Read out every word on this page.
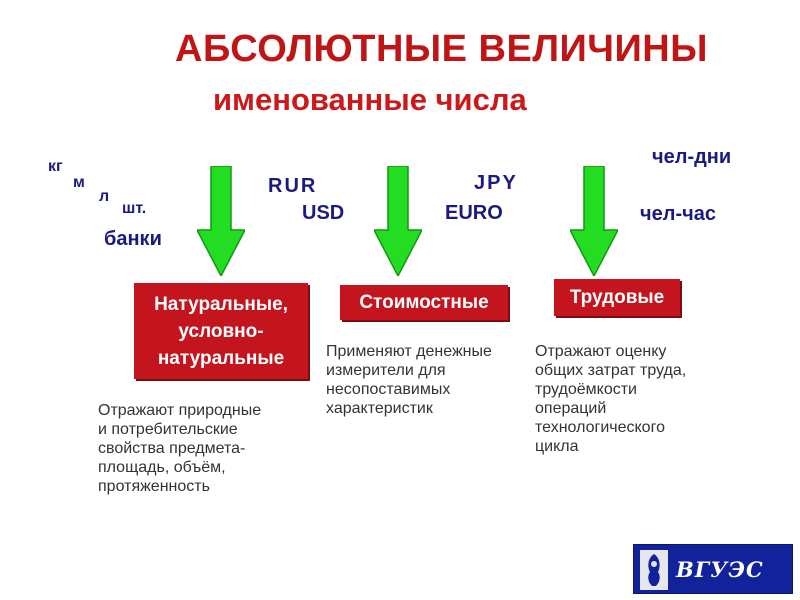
АБСОЛЮТНЫЕ ВЕЛИЧИНЫ
именованные числа
кг
м
л
шт.
банки
RUR
USD
JPY
EURO
чел-дни
чел-час
Натуральные,
условно-
натуральные
Стоимостные	Трудовые
Отражают природные
и потребительские
свойства предмета-
площадь, объём,
протяженность
Применяют денежные
измерители для
несопоставимых
характеристик
Отражают оценку
общих затрат труда,
трудоёмкости
операций
технологического
цикла
ВГУЭС
